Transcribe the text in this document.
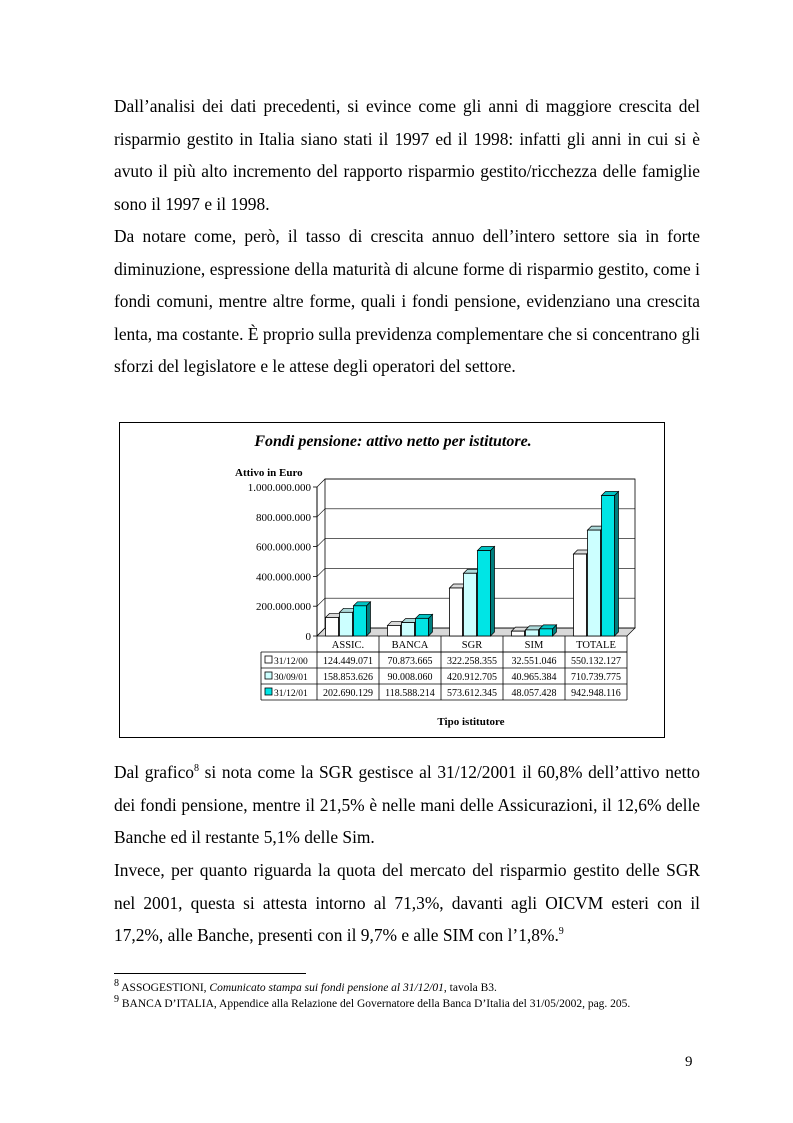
Dall’analisi dei dati precedenti, si evince come gli anni di maggiore crescita del risparmio gestito in Italia siano stati il 1997 ed il 1998: infatti gli anni in cui si è avuto il più alto incremento del rapporto risparmio gestito/ricchezza delle famiglie sono il 1997 e il 1998.

Da notare come, però, il tasso di crescita annuo dell’intero settore sia in forte diminuzione, espressione della maturità di alcune forme di risparmio gestito, come i fondi comuni, mentre altre forme, quali i fondi pensione, evidenziano una crescita lenta, ma costante. È proprio sulla previdenza complementare che si concentrano gli sforzi del legislatore e le attese degli operatori del settore.

Fondi pensione: attivo netto per istitutore.
Attivo in Euro
0
200.000.000
400.000.000
600.000.000
800.000.000
1.000.000.000
ASSIC.	BANCA	SGR	SIM	TOTALE
31/12/00 124.449.071 70.873.665 322.258.355 32.551.046 550.132.127
30/09/01 158.853.626 90.008.060 420.912.705 40.965.384 710.739.775
31/12/01 202.690.129 118.588.214 573.612.345 48.057.428 942.948.116
Tipo istitutore

Dal grafico$^8$ si nota come la SGR gestisce al 31/12/2001 il 60,8% dell’attivo netto dei fondi pensione, mentre il 21,5% è nelle mani delle Assicurazioni, il 12,6% delle Banche ed il restante 5,1% delle Sim.

Invece, per quanto riguarda la quota del mercato del risparmio gestito delle SGR nel 2001, questa si attesta intorno al 71,3%, davanti agli OICVM esteri con il 17,2%, alle Banche, presenti con il 9,7% e alle SIM con l’1,8%.$^9$

$^8$ ASSOGESTIONI, Comunicato stampa sui fondi pensione al 31/12/01, tavola B3.

$^9$ BANCA D’ITALIA, Appendice alla Relazione del Governatore della Banca D’Italia del 31/05/2002, pag. 205.

9
